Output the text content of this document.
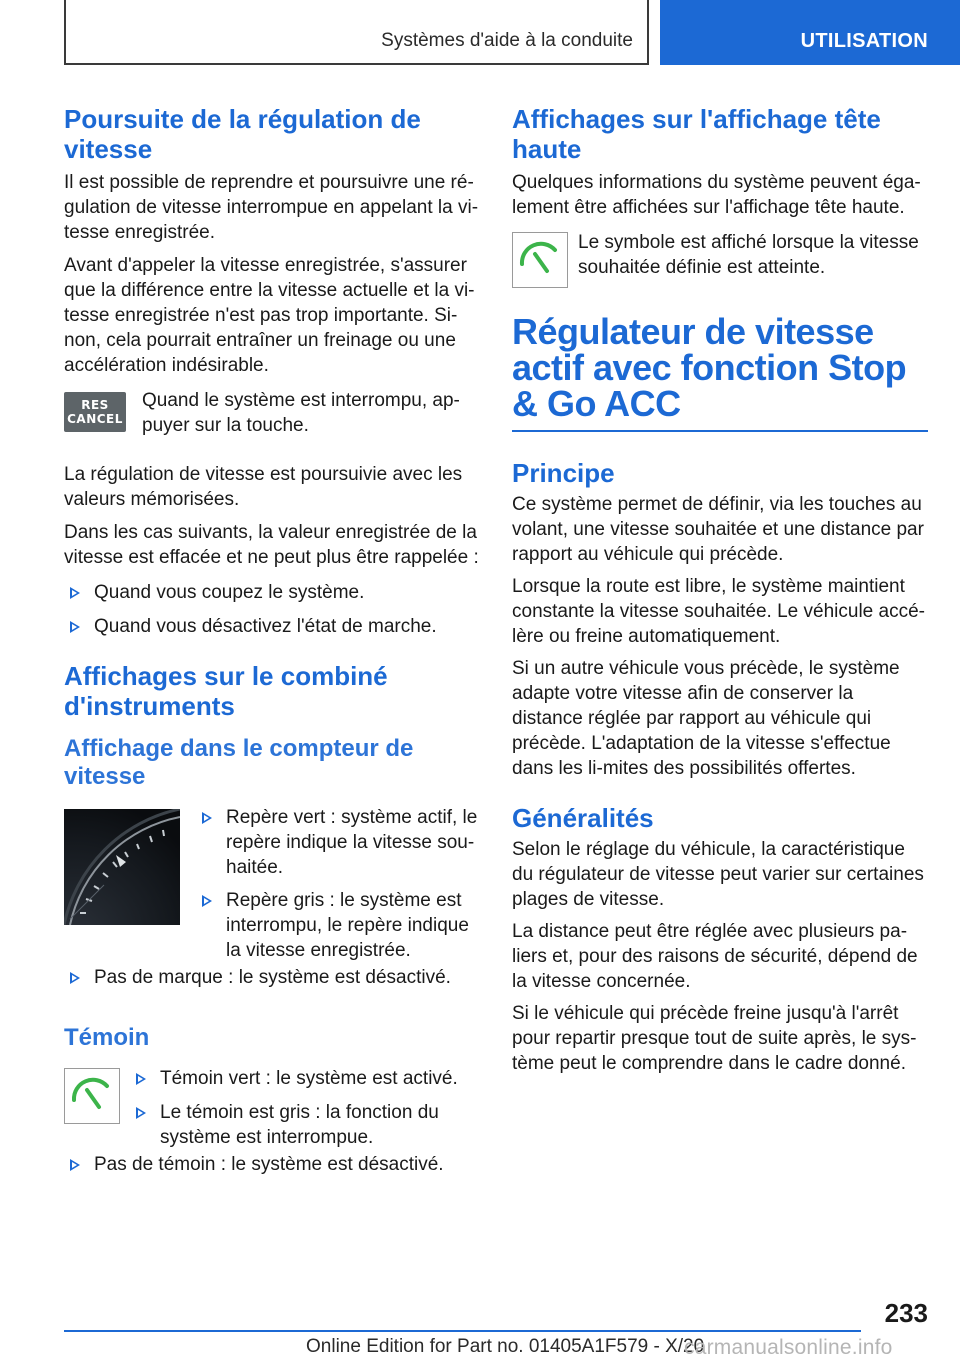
Systèmes d'aide à la conduite	UTILISATION
Poursuite de la régulation de vitesse

Il est possible de reprendre et poursuivre une ré-gulation de vitesse interrompue en appelant la vi-tesse enregistrée.

Avant d'appeler la vitesse enregistrée, s'assurer que la différence entre la vitesse actuelle et la vi-tesse enregistrée n'est pas trop importante. Si-non, cela pourrait entraîner un freinage ou une accélération indésirable.

RES
CANCEL

Quand le système est interrompu, ap-puyer sur la touche.

La régulation de vitesse est poursuivie avec les valeurs mémorisées.

Dans les cas suivants, la valeur enregistrée de la vitesse est effacée et ne peut plus être rappelée :

Quand vous coupez le système.
Quand vous désactivez l'état de marche.
Affichages sur le combiné d'instruments
Affichage dans le compteur de vitesse
Repère vert : système actif, le repère indique la vitesse sou-haitée.
Repère gris : le système est interrompu, le repère indique la vitesse enregistrée.
Pas de marque : le système est désactivé.
Témoin
Témoin vert : le système est activé.
Le témoin est gris : la fonction du système est interrompue.
Pas de témoin : le système est désactivé.
Affichages sur l'affichage tête haute

Quelques informations du système peuvent éga-lement être affichées sur l'affichage tête haute.

Le symbole est affiché lorsque la vitesse souhaitée définie est atteinte.

Régulateur de vitesse actif avec fonction Stop & Go ACC
Principe

Ce système permet de définir, via les touches au volant, une vitesse souhaitée et une distance par rapport au véhicule qui précède.

Lorsque la route est libre, le système maintient constante la vitesse souhaitée. Le véhicule accé-lère ou freine automatiquement.

Si un autre véhicule vous précède, le système adapte votre vitesse afin de conserver la distance réglée par rapport au véhicule qui précède. L'adaptation de la vitesse s'effectue dans les li-mites des possibilités offertes.

Généralités

Selon le réglage du véhicule, la caractéristique du régulateur de vitesse peut varier sur certaines plages de vitesse.

La distance peut être réglée avec plusieurs pa-liers et, pour des raisons de sécurité, dépend de la vitesse concernée.

Si le véhicule qui précède freine jusqu'à l'arrêt pour repartir presque tout de suite après, le sys-tème peut le comprendre dans le cadre donné.

233
Online Edition for Part no. 01405A1F579 - X/20
carmanualsonline.info
